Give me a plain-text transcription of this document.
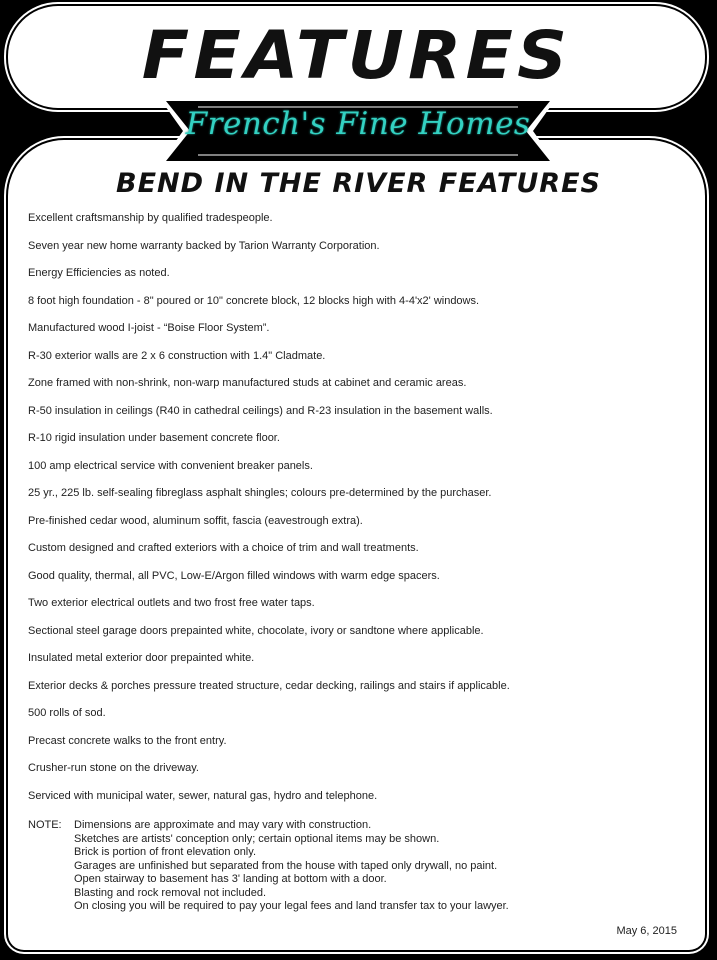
FEATURES
French's Fine Homes
BEND IN THE RIVER FEATURES
Excellent craftsmanship by qualified tradespeople.
Seven year new home warranty backed by Tarion Warranty Corporation.
Energy Efficiencies as noted.
8 foot high foundation - 8" poured or 10" concrete block, 12 blocks high with 4-4'x2' windows.
Manufactured wood I-joist - “Boise Floor System”.
R-30 exterior walls are 2 x 6 construction with 1.4" Cladmate.
Zone framed with non-shrink, non-warp manufactured studs at cabinet and ceramic areas.
R-50 insulation in ceilings (R40 in cathedral ceilings) and R-23 insulation in the basement walls.
R-10 rigid insulation under basement concrete floor.
100 amp electrical service with convenient breaker panels.
25 yr., 225 lb. self-sealing fibreglass asphalt shingles; colours pre-determined by the purchaser.
Pre-finished cedar wood, aluminum soffit, fascia (eavestrough extra).
Custom designed and crafted exteriors with a choice of trim and wall treatments.
Good quality, thermal, all PVC, Low-E/Argon filled windows with warm edge spacers.
Two exterior electrical outlets and two frost free water taps.
Sectional steel garage doors prepainted white, chocolate, ivory or sandtone where applicable.
Insulated metal exterior door prepainted white.
Exterior decks & porches pressure treated structure, cedar decking, railings and stairs if applicable.
500 rolls of sod.
Precast concrete walks to the front entry.
Crusher-run stone on the driveway.
Serviced with municipal water, sewer, natural gas, hydro and telephone.
NOTE: Dimensions are approximate and may vary with construction.
Sketches are artists' conception only; certain optional items may be shown.
Brick is portion of front elevation only.
Garages are unfinished but separated from the house with taped only drywall, no paint.
Open stairway to basement has 3' landing at bottom with a door.
Blasting and rock removal not included.
On closing you will be required to pay your legal fees and land transfer tax to your lawyer.
May 6, 2015
